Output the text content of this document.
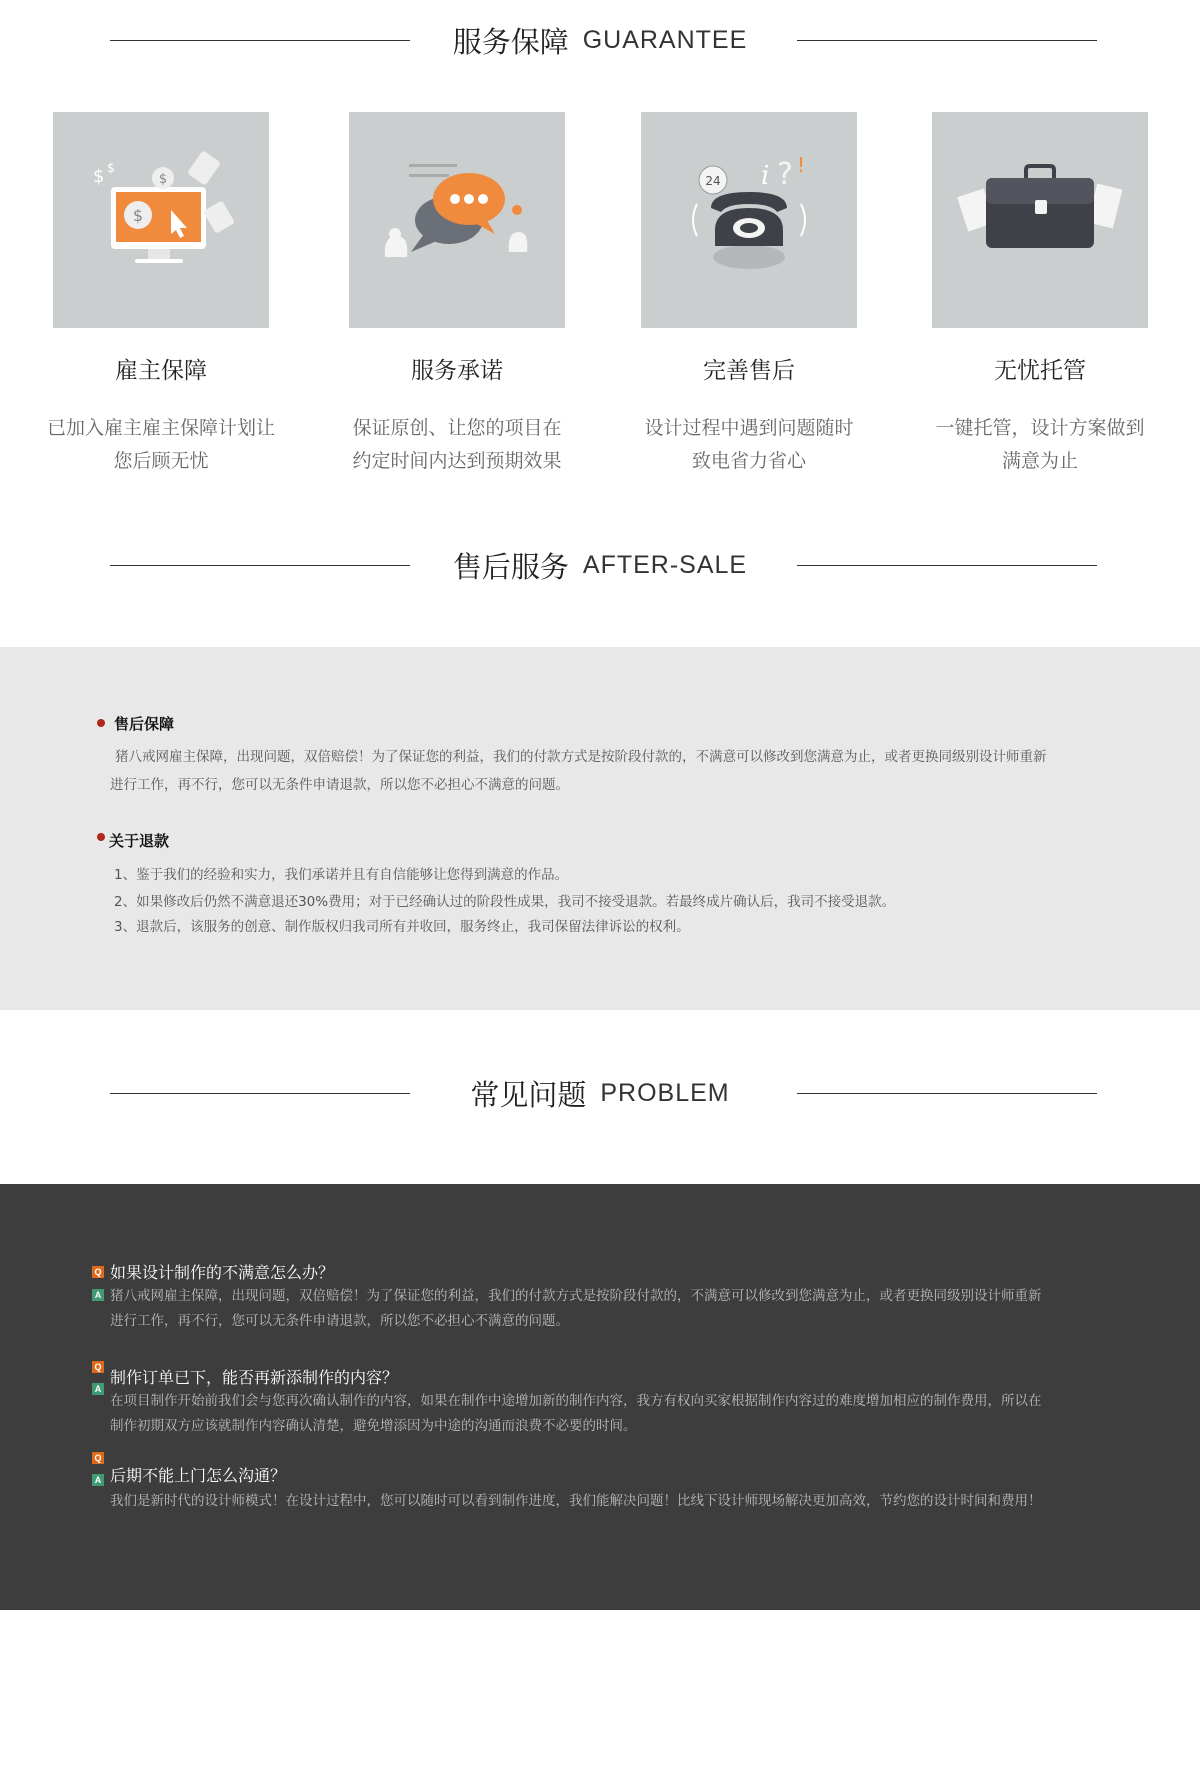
服务保障 GUARANTEE
$
$
$ $
雇主保障
已加入雇主雇主保障计划让
您后顾无忧
服务承诺
保证原创、让您的项目在
约定时间内达到预期效果
24 i ? !
完善售后
设计过程中遇到问题随时
致电省力省心
无忧托管
一键托管，设计方案做到
满意为止
售后服务 AFTER-SALE
售后保障
猪八戒网雇主保障，出现问题，双倍赔偿！为了保证您的利益，我们的付款方式是按阶段付款的，不满意可以修改到您满意为止，或者更换同级别设计师重新
进行工作，再不行，您可以无条件申请退款，所以您不必担心不满意的问题。
关于退款
1、鉴于我们的经验和实力，我们承诺并且有自信能够让您得到满意的作品。
2、如果修改后仍然不满意退还30%费用；对于已经确认过的阶段性成果，我司不接受退款。若最终成片确认后，我司不接受退款。
3、退款后，该服务的创意、制作版权归我司所有并收回，服务终止，我司保留法律诉讼的权利。
常见问题 PROBLEM
Q 如果设计制作的不满意怎么办？
A 猪八戒网雇主保障，出现问题，双倍赔偿！为了保证您的利益，我们的付款方式是按阶段付款的，不满意可以修改到您满意为止，或者更换同级别设计师重新
进行工作，再不行，您可以无条件申请退款，所以您不必担心不满意的问题。
Q
制作订单已下，能否再新添制作的内容？
A
在项目制作开始前我们会与您再次确认制作的内容，如果在制作中途增加新的制作内容，我方有权向买家根据制作内容过的难度增加相应的制作费用，所以在
制作初期双方应该就制作内容确认清楚，避免增添因为中途的沟通而浪费不必要的时间。
Q
后期不能上门怎么沟通？
A
我们是新时代的设计师模式！在设计过程中，您可以随时可以看到制作进度，我们能解决问题！比线下设计师现场解决更加高效，节约您的设计时间和费用！
